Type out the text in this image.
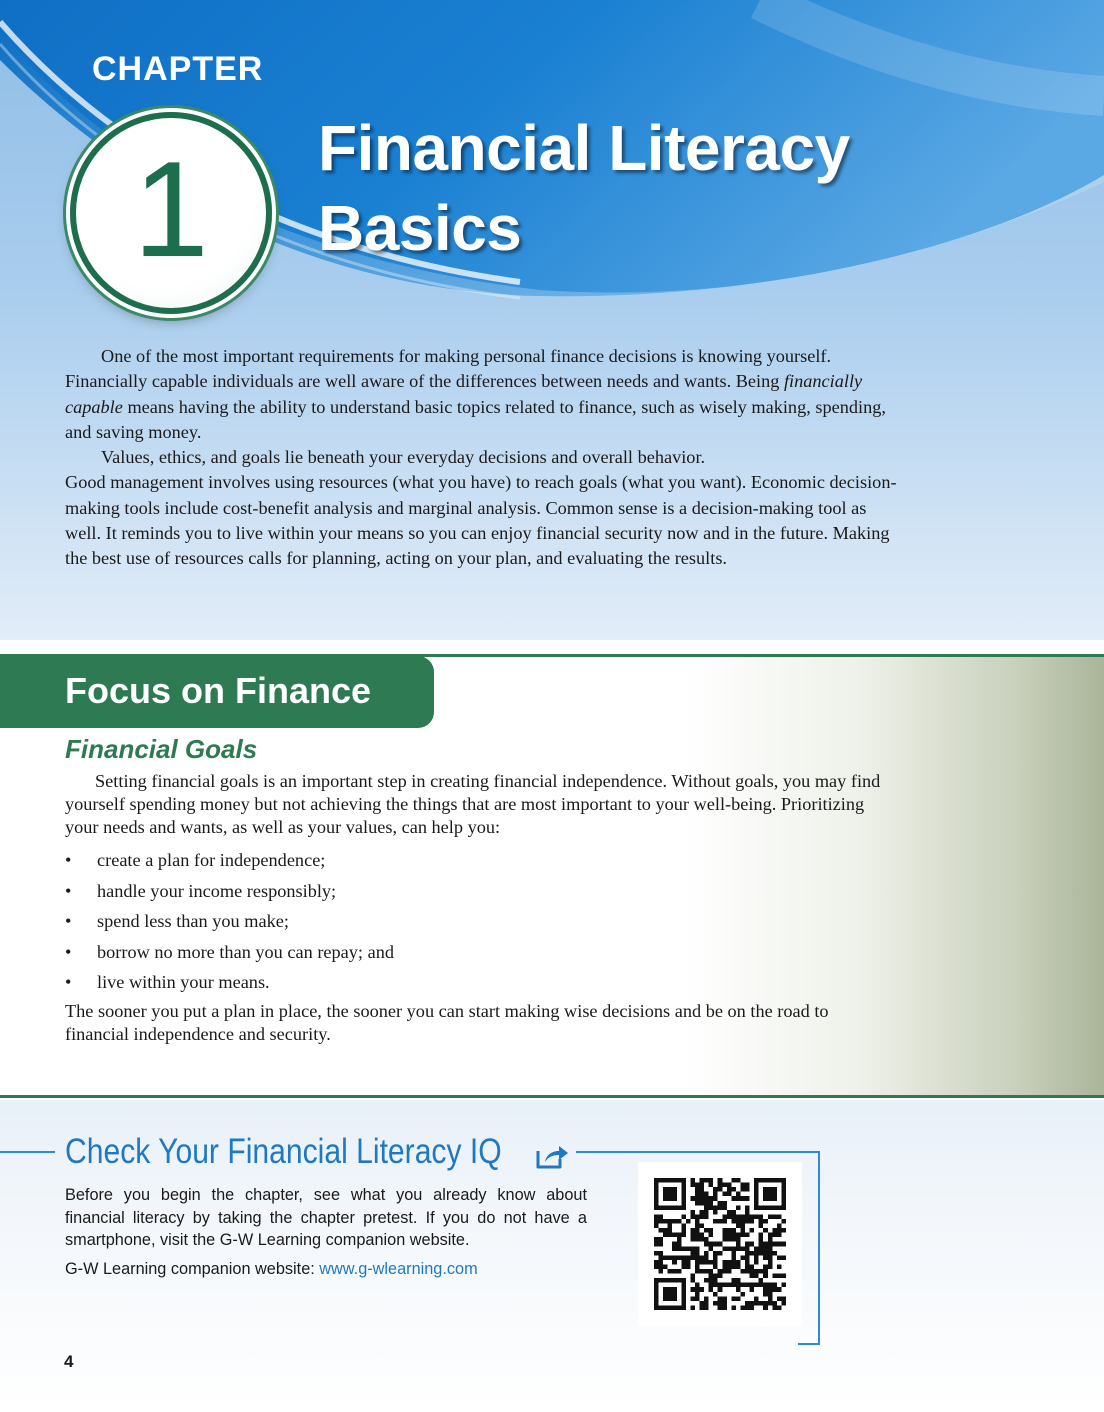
CHAPTER
1	Financial Literacy
Basics

One of the most important requirements for making personal finance decisions is knowing yourself. Financially capable individuals are well aware of the differences between needs and wants. Being financially capable means having the ability to understand basic topics related to finance, such as wisely making, spending, and saving money.

Values, ethics, and goals lie beneath your everyday decisions and overall behavior.

Good management involves using resources (what you have) to reach goals (what you want). Economic decision-making tools include cost-benefit analysis and marginal analysis. Common sense is a decision-making tool as well. It reminds you to live within your means so you can enjoy financial security now and in the future. Making the best use of resources calls for planning, acting on your plan, and evaluating the results.

Focus on Finance
Financial Goals

Setting financial goals is an important step in creating financial independence. Without goals, you may find yourself spending money but not achieving the things that are most important to your well-being. Prioritizing your needs and wants, as well as your values, can help you:

• create a plan for independence;
• handle your income responsibly;
• spend less than you make;
• borrow no more than you can repay; and
• live within your means.

The sooner you put a plan in place, the sooner you can start making wise decisions and be on the road to financial independence and security.

Check Your Financial Literacy IQ
Before you begin the chapter, see what you already know about financial literacy by taking the chapter pretest. If you do not have a smartphone, visit the G-W Learning companion website.
G-W Learning companion website: www.g-wlearning.com
4
